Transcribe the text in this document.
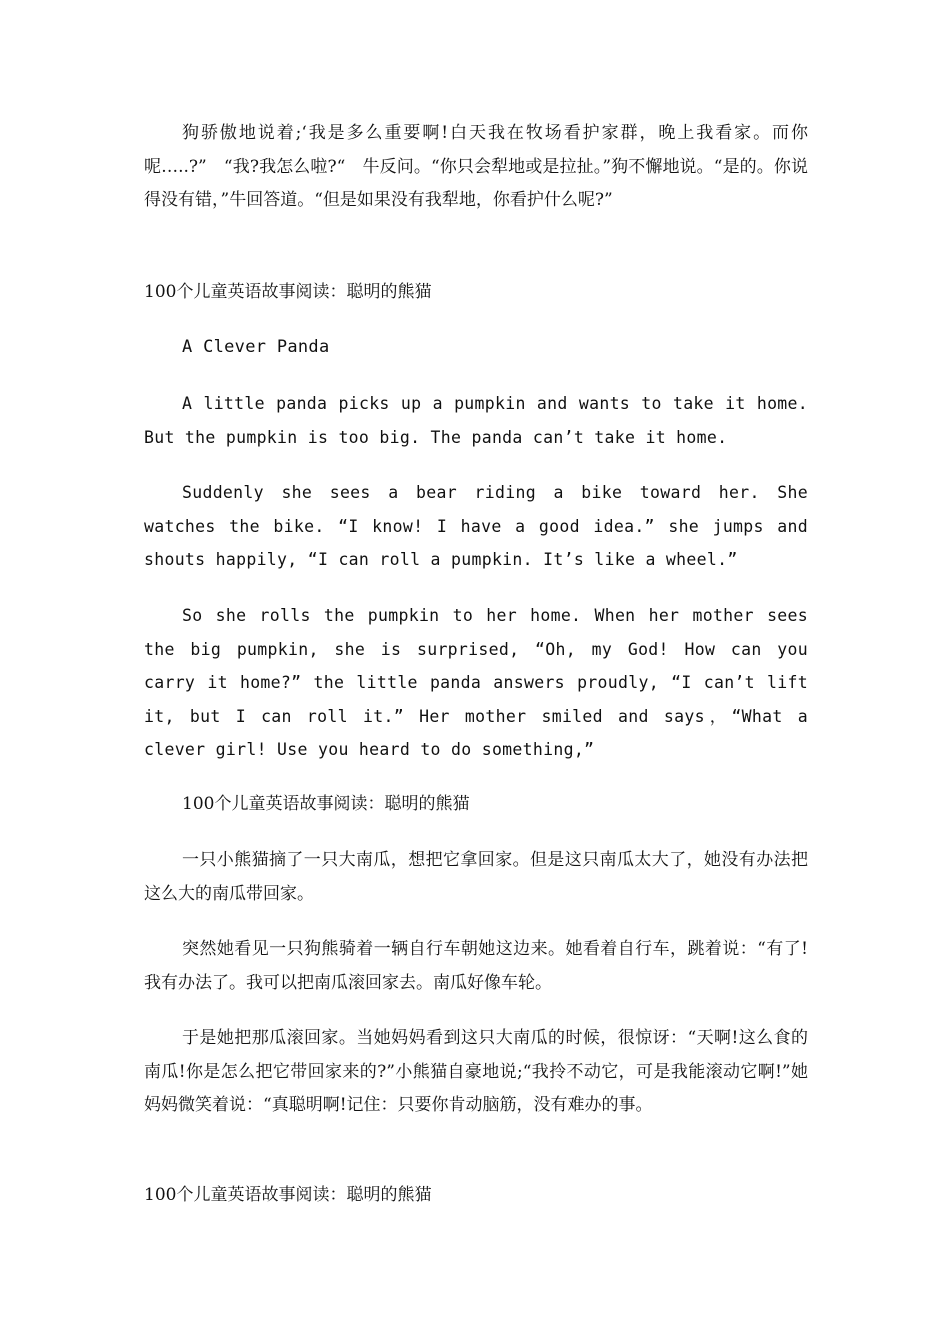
狗骄傲地说着;‘我是多么重要啊!白天我在牧场看护家群，晚上我看家。而你呢…..?”　“我?我怎么啦?“　牛反问。“你只会犁地或是拉扯。”狗不懈地说。“是的。你说得没有错，”牛回答道。“但是如果没有我犁地，你看护什么呢?”

100个儿童英语故事阅读：聪明的熊猫

A Clever Panda

A little panda picks up a pumpkin and wants to take it home. But the pumpkin is too big. The panda can’t take it home.

Suddenly she sees a bear riding a bike toward her. She watches the bike. “I know! I have a good idea.” she jumps and shouts happily, “I can roll a pumpkin. It’s like a wheel.”

So she rolls the pumpkin to her home. When her mother sees the big pumpkin, she is surprised, “Oh, my God! How can you carry it home?” the little panda answers proudly, “I can’t lift it, but I can roll it.” Her mother smiled and says，“What a clever girl! Use you heard to do something,”

100个儿童英语故事阅读：聪明的熊猫

一只小熊猫摘了一只大南瓜，想把它拿回家。但是这只南瓜太大了，她没有办法把这么大的南瓜带回家。

突然她看见一只狗熊骑着一辆自行车朝她这边来。她看着自行车，跳着说：“有了!我有办法了。我可以把南瓜滚回家去。南瓜好像车轮。

于是她把那瓜滚回家。当她妈妈看到这只大南瓜的时候，很惊讶：“天啊!这么食的南瓜!你是怎么把它带回家来的?”小熊猫自豪地说;“我拎不动它，可是我能滚动它啊!”她妈妈微笑着说：“真聪明啊!记住：只要你肯动脑筋，没有难办的事。

100个儿童英语故事阅读：聪明的熊猫
